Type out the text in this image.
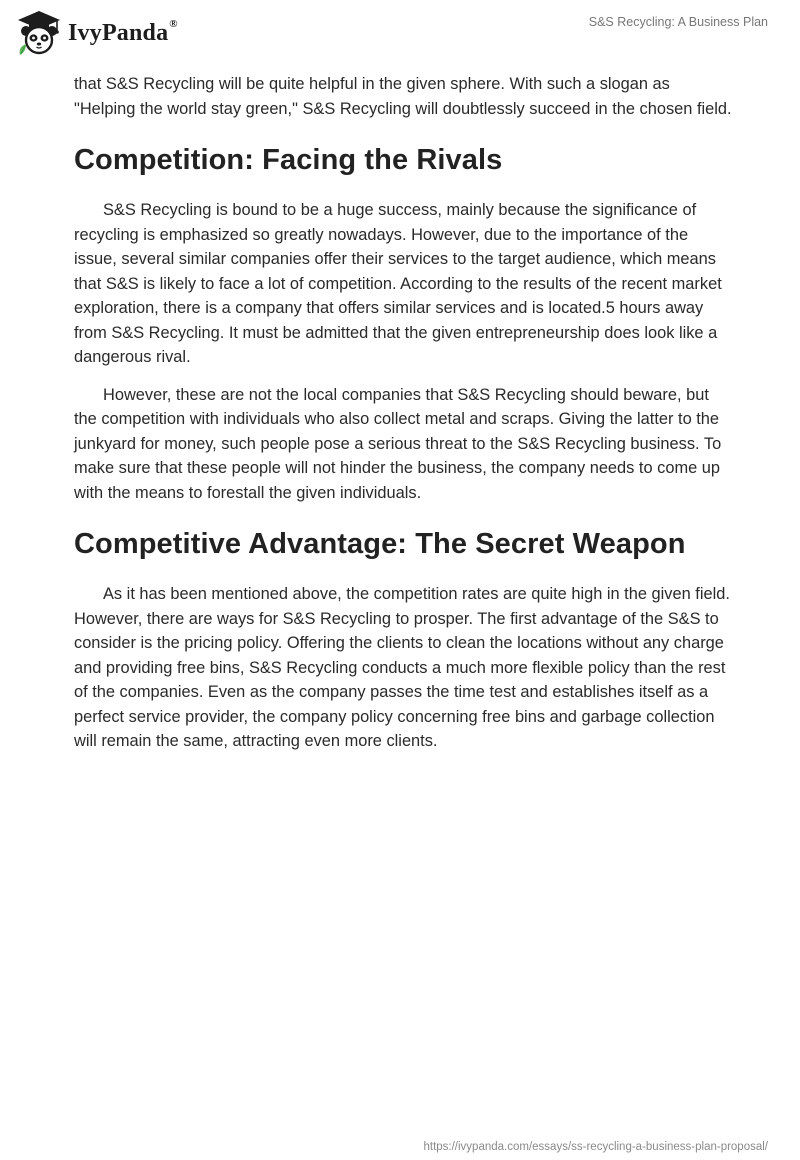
IvyPanda®	S&S Recycling: A Business Plan

that S&S Recycling will be quite helpful in the given sphere. With such a slogan as "Helping the world stay green," S&S Recycling will doubtlessly succeed in the chosen field.

Competition: Facing the Rivals

S&S Recycling is bound to be a huge success, mainly because the significance of recycling is emphasized so greatly nowadays. However, due to the importance of the issue, several similar companies offer their services to the target audience, which means that S&S is likely to face a lot of competition. According to the results of the recent market exploration, there is a company that offers similar services and is located.5 hours away from S&S Recycling. It must be admitted that the given entrepreneurship does look like a dangerous rival.

However, these are not the local companies that S&S Recycling should beware, but the competition with individuals who also collect metal and scraps. Giving the latter to the junkyard for money, such people pose a serious threat to the S&S Recycling business. To make sure that these people will not hinder the business, the company needs to come up with the means to forestall the given individuals.

Competitive Advantage: The Secret Weapon

As it has been mentioned above, the competition rates are quite high in the given field. However, there are ways for S&S Recycling to prosper. The first advantage of the S&S to consider is the pricing policy. Offering the clients to clean the locations without any charge and providing free bins, S&S Recycling conducts a much more flexible policy than the rest of the companies. Even as the company passes the time test and establishes itself as a perfect service provider, the company policy concerning free bins and garbage collection will remain the same, attracting even more clients.

https://ivypanda.com/essays/ss-recycling-a-business-plan-proposal/
